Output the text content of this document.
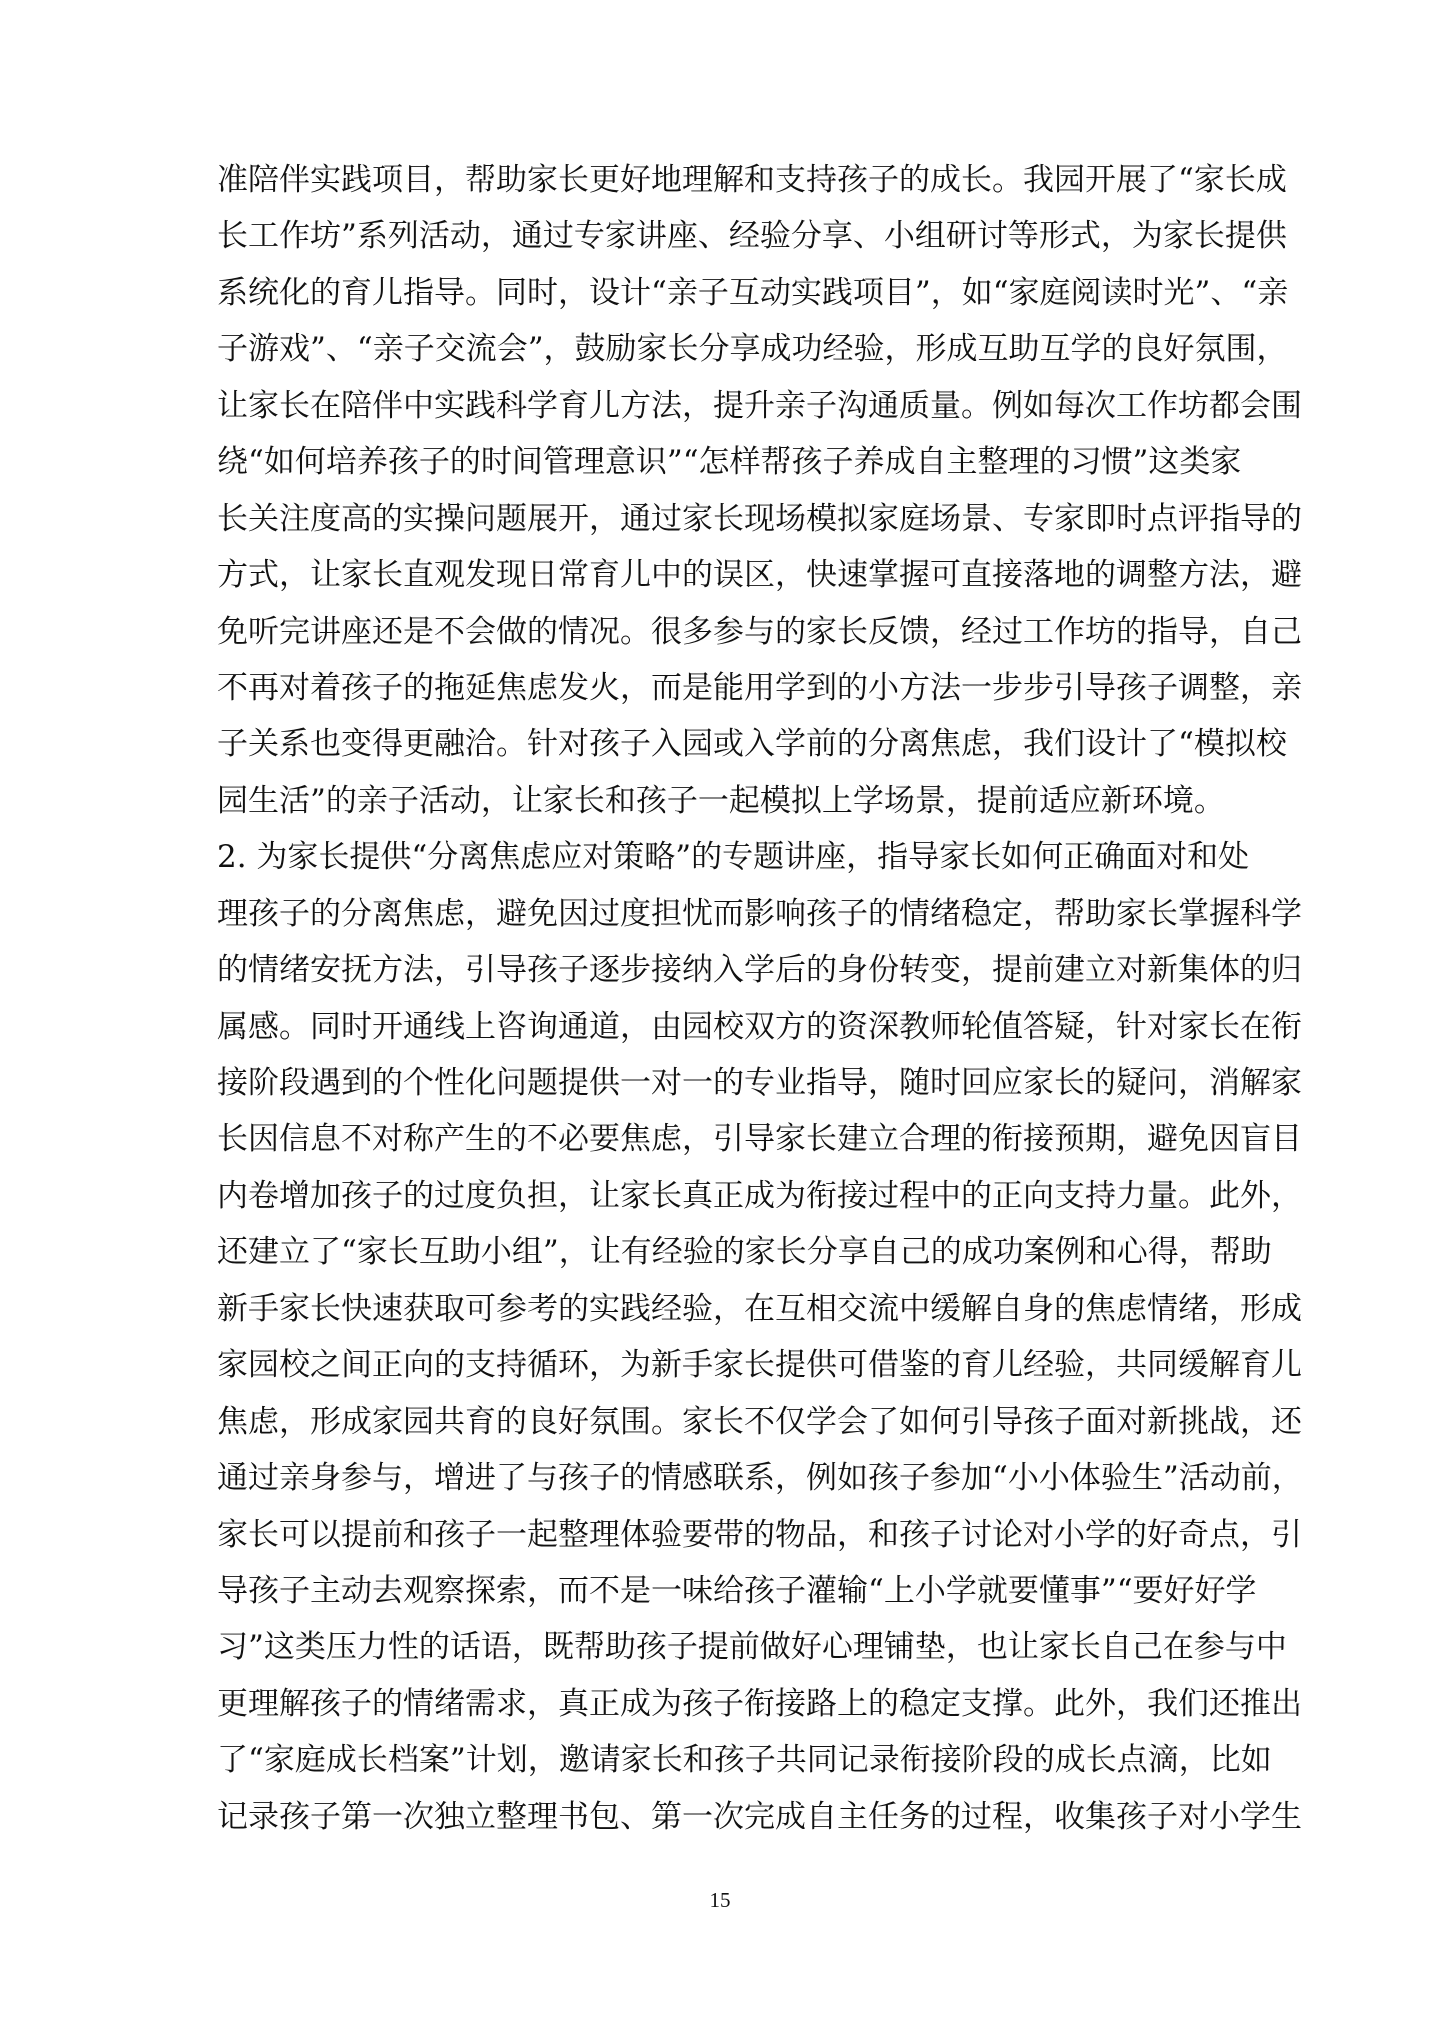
准陪伴实践项目，帮助家长更好地理解和支持孩子的成长。我园开展了“家长成
长工作坊”系列活动，通过专家讲座、经验分享、小组研讨等形式，为家长提供
系统化的育儿指导。同时，设计“亲子互动实践项目”，如“家庭阅读时光”、“亲
子游戏”、“亲子交流会”，鼓励家长分享成功经验，形成互助互学的良好氛围，
让家长在陪伴中实践科学育儿方法，提升亲子沟通质量。例如每次工作坊都会围
绕“如何培养孩子的时间管理意识”“怎样帮孩子养成自主整理的习惯”这类家
长关注度高的实操问题展开，通过家长现场模拟家庭场景、专家即时点评指导的
方式，让家长直观发现日常育儿中的误区，快速掌握可直接落地的调整方法，避
免听完讲座还是不会做的情况。很多参与的家长反馈，经过工作坊的指导，自己
不再对着孩子的拖延焦虑发火，而是能用学到的小方法一步步引导孩子调整，亲
子关系也变得更融洽。针对孩子入园或入学前的分离焦虑，我们设计了“模拟校
园生活”的亲子活动，让家长和孩子一起模拟上学场景，提前适应新环境。
2. 为家长提供“分离焦虑应对策略”的专题讲座，指导家长如何正确面对和处
理孩子的分离焦虑，避免因过度担忧而影响孩子的情绪稳定，帮助家长掌握科学
的情绪安抚方法，引导孩子逐步接纳入学后的身份转变，提前建立对新集体的归
属感。同时开通线上咨询通道，由园校双方的资深教师轮值答疑，针对家长在衔
接阶段遇到的个性化问题提供一对一的专业指导，随时回应家长的疑问，消解家
长因信息不对称产生的不必要焦虑，引导家长建立合理的衔接预期，避免因盲目
内卷增加孩子的过度负担，让家长真正成为衔接过程中的正向支持力量。此外，
还建立了“家长互助小组”，让有经验的家长分享自己的成功案例和心得，帮助
新手家长快速获取可参考的实践经验，在互相交流中缓解自身的焦虑情绪，形成
家园校之间正向的支持循环，为新手家长提供可借鉴的育儿经验，共同缓解育儿
焦虑，形成家园共育的良好氛围。家长不仅学会了如何引导孩子面对新挑战，还
通过亲身参与，增进了与孩子的情感联系，例如孩子参加“小小体验生”活动前，
家长可以提前和孩子一起整理体验要带的物品，和孩子讨论对小学的好奇点，引
导孩子主动去观察探索，而不是一味给孩子灌输“上小学就要懂事”“要好好学
习”这类压力性的话语，既帮助孩子提前做好心理铺垫，也让家长自己在参与中
更理解孩子的情绪需求，真正成为孩子衔接路上的稳定支撑。此外，我们还推出
了“家庭成长档案”计划，邀请家长和孩子共同记录衔接阶段的成长点滴，比如
记录孩子第一次独立整理书包、第一次完成自主任务的过程，收集孩子对小学生
15
